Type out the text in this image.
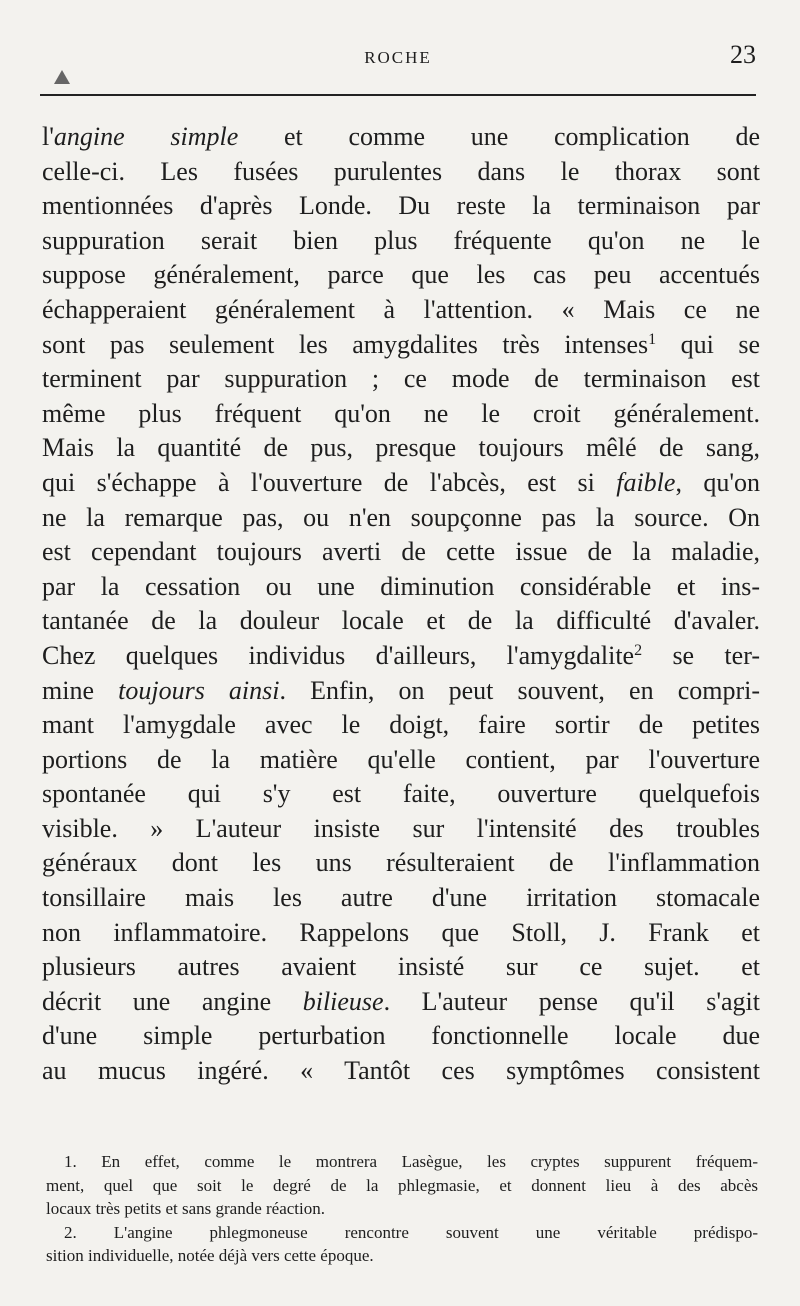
ROCHE	23
l'angine simple et comme une complication de
celle-ci. Les fusées purulentes dans le thorax sont
mentionnées d'après Londe. Du reste la terminaison par
suppuration serait bien plus fréquente qu'on ne le
suppose généralement, parce que les cas peu accentués
échapperaient généralement à l'attention. « Mais ce ne
sont pas seulement les amygdalites très intenses$^1$ qui se
terminent par suppuration ; ce mode de terminaison est
même plus fréquent qu'on ne le croit généralement.
Mais la quantité de pus, presque toujours mêlé de sang,
qui s'échappe à l'ouverture de l'abcès, est si faible, qu'on
ne la remarque pas, ou n'en soupçonne pas la source. On
est cependant toujours averti de cette issue de la maladie,
par la cessation ou une diminution considérable et ins-
tantanée de la douleur locale et de la difficulté d'avaler.
Chez quelques individus d'ailleurs, l'amygdalite$^2$ se ter-
mine toujours ainsi. Enfin, on peut souvent, en compri-
mant l'amygdale avec le doigt, faire sortir de petites
portions de la matière qu'elle contient, par l'ouverture
spontanée qui s'y est faite, ouverture quelquefois
visible. » L'auteur insiste sur l'intensité des troubles
généraux dont les uns résulteraient de l'inflammation
tonsillaire mais les autre d'une irritation stomacale
non inflammatoire. Rappelons que Stoll, J. Frank et
plusieurs autres avaient insisté sur ce sujet. et
décrit une angine bilieuse. L'auteur pense qu'il s'agit
d'une simple perturbation fonctionnelle locale due
au mucus ingéré. « Tantôt ces symptômes consistent
1. En effet, comme le montrera Lasègue, les cryptes suppurent fréquem-
ment, quel que soit le degré de la phlegmasie, et donnent lieu à des abcès
locaux très petits et sans grande réaction.
2. L'angine phlegmoneuse rencontre souvent une véritable prédispo-
sition individuelle, notée déjà vers cette époque.
